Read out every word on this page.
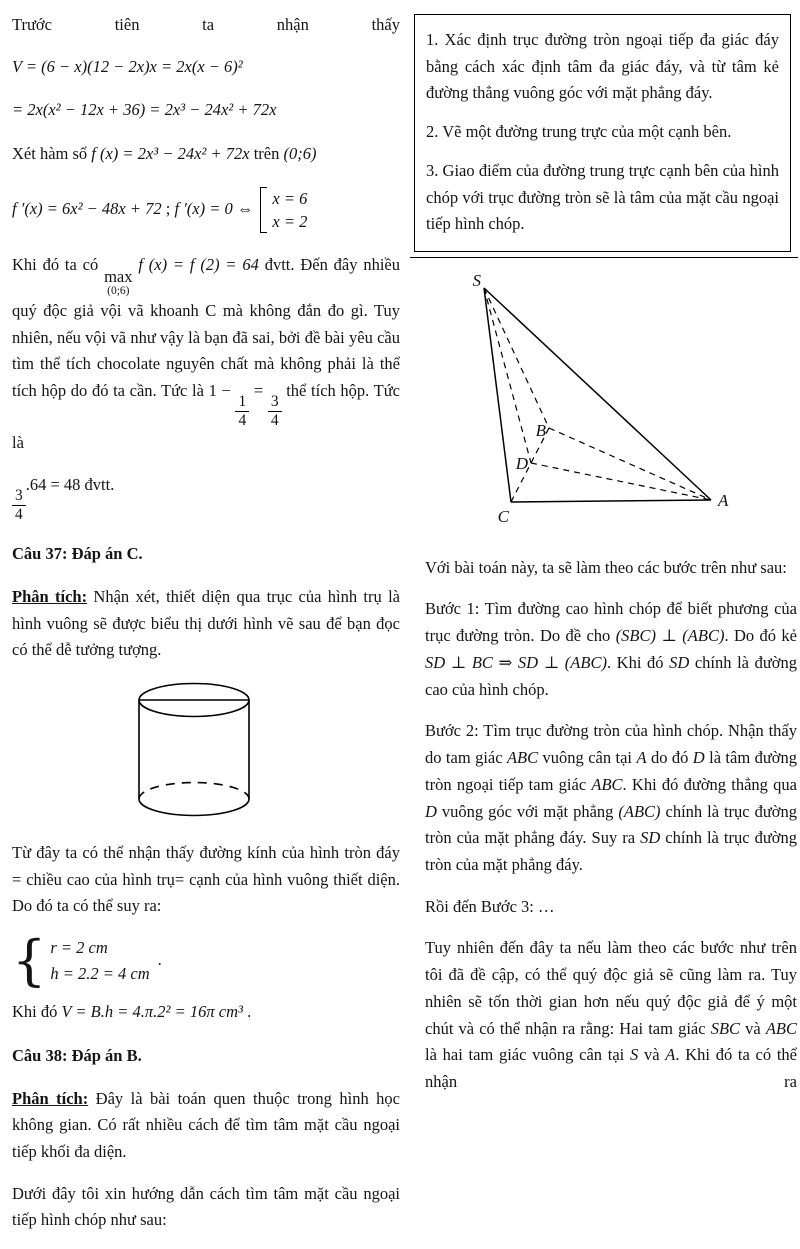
Trước tiên ta nhận thấy

V = (6 − x)(12 − 2x)x = 2x(x − 6)²

= 2x(x² − 12x + 36) = 2x³ − 24x² + 72x

Xét hàm số f (x) = 2x³ − 24x² + 72x trên (0;6)

f ′(x) = 6x² − 48x + 72 ; f ′(x) = 0 ⇔
x = 6
x = 2

Khi đó ta có
max
(0;6)
f (x) = f (2) = 64 đvtt. Đến đây nhiều quý độc giả vội vã khoanh C mà không đắn đo gì. Tuy nhiên, nếu vội vã như vậy là bạn đã sai, bởi đề bài yêu cầu tìm thể tích chocolate nguyên chất mà không phải là thể tích hộp do đó ta cần. Tức là 1 −
$\frac{1}{4}$
=
$\frac{3}{4}$
thể tích hộp. Tức là

$\frac{3}{4}$
.64 = 48 đvtt.

Câu 37: Đáp án C.

Phân tích: Nhận xét, thiết diện qua trục của hình trụ là hình vuông sẽ được biểu thị dưới hình vẽ sau để bạn đọc có thể dễ tưởng tượng.

Từ đây ta có thể nhận thấy đường kính của hình tròn đáy = chiều cao của hình trụ= cạnh của hình vuông thiết diện. Do đó ta có thể suy ra:

{ r = 2 cm
h = 2.2 = 4 cm
.

Khi đó V = B.h = 4.π.2² = 16π cm³ .

Câu 38: Đáp án B.

Phân tích: Đây là bài toán quen thuộc trong hình học không gian. Có rất nhiều cách để tìm tâm mặt cầu ngoại tiếp khối đa diện.

Dưới đây tôi xin hướng dẫn cách tìm tâm mặt cầu ngoại tiếp hình chóp như sau:

1. Xác định trục đường tròn ngoại tiếp đa giác đáy bằng cách xác định tâm đa giác đáy, và từ tâm kẻ đường thẳng vuông góc với mặt phẳng đáy.

2. Vẽ một đường trung trực của một cạnh bên.

3. Giao điểm của đường trung trực cạnh bên của hình chóp với trục đường tròn sẽ là tâm của mặt cầu ngoại tiếp hình chóp.

S
A
B
C
D

Với bài toán này, ta sẽ làm theo các bước trên như sau:

Bước 1: Tìm đường cao hình chóp để biết phương của trục đường tròn. Do đề cho (SBC) ⊥ (ABC). Do đó kẻ SD ⊥ BC ⇒ SD ⊥ (ABC). Khi đó SD chính là đường cao của hình chóp.

Bước 2: Tìm trục đường tròn của hình chóp. Nhận thấy do tam giác ABC vuông cân tại A do đó D là tâm đường tròn ngoại tiếp tam giác ABC. Khi đó đường thẳng qua D vuông góc với mặt phẳng (ABC) chính là trục đường tròn của mặt phẳng đáy. Suy ra SD chính là trục đường tròn của mặt phẳng đáy.

Rồi đến Bước 3: …

Tuy nhiên đến đây ta nếu làm theo các bước như trên tôi đã đề cập, có thể quý độc giả sẽ cũng làm ra. Tuy nhiên sẽ tốn thời gian hơn nếu quý độc giả để ý một chút và có thể nhận ra rằng: Hai tam giác SBC và ABC là hai tam giác vuông cân tại S và A. Khi đó ta có thể nhận ra
